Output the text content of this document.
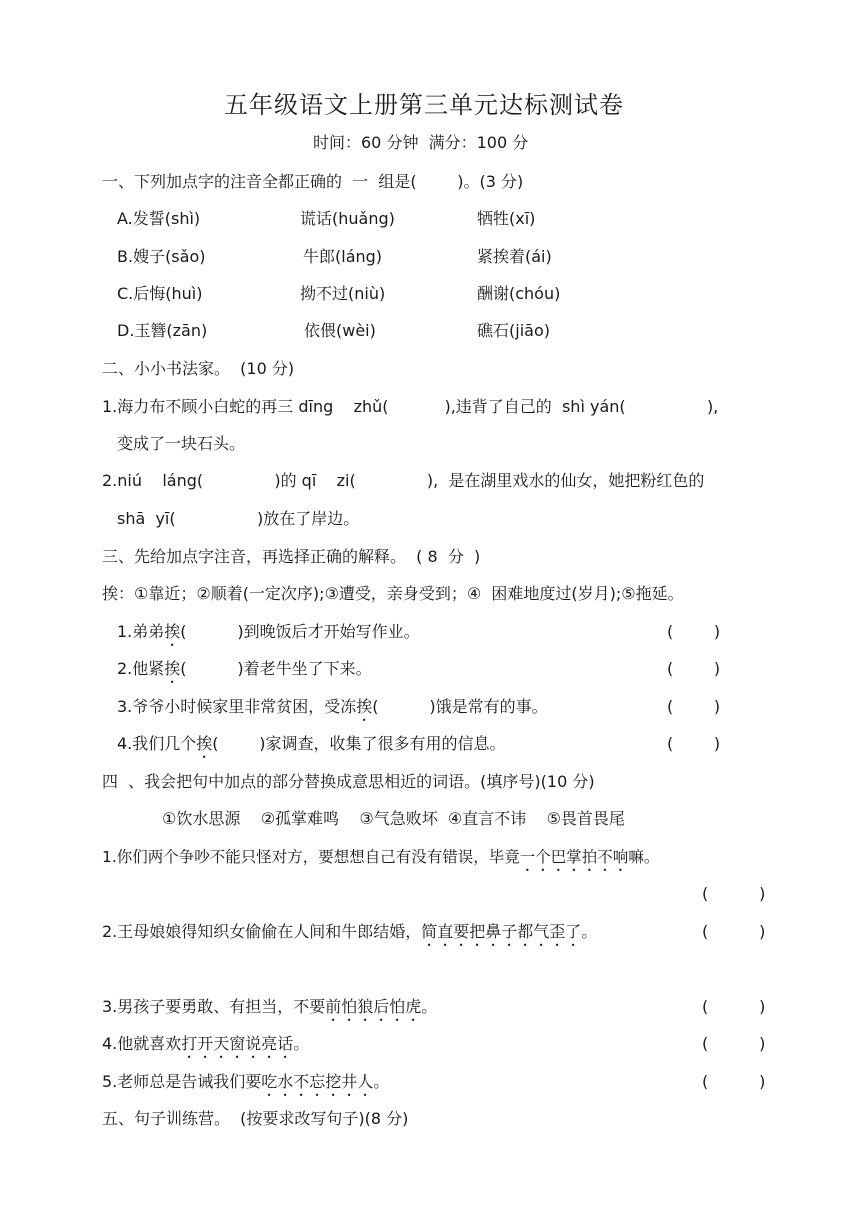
五年级语文上册第三单元达标测试卷
时间：60 分钟  满分：100 分
一、下列加点字的注音全都正确的  一  组是(        )。(3 分)
A.发誓(shì)	谎话(huǎng)	牺牲(xī)
B.嫂子(sǎo)	牛郎(láng)	紧挨着(ái)
C.后悔(huì)	拗不过(niù)	酬谢(chóu)
D.玉簪(zān)	依偎(wèi)	礁石(jiāo)
二、小小书法家。  (10 分)
1.海力布不顾小白蛇的再三 dīng    zhǔ(           ),违背了自己的  shì yán(                ),
变成了一块石头。
2.niú    láng(              )的 qī    zi(              ),  是在湖里戏水的仙女，她把粉红色的
shā  yī(                )放在了岸边。
三、先给加点字注音，再选择正确的解释。  ( 8  分  )
挨：①靠近；②顺着(一定次序);③遭受，亲身受到；④  困难地度过(岁月);⑤拖延。
1.弟弟挨(          )到晚饭后才开始写作业。	(        )
2.他紧挨(          )着老牛坐了下来。	(        )
3.爷爷小时候家里非常贫困，受冻挨(          )饿是常有的事。	(        )
4.我们几个挨(        )家调查，收集了很多有用的信息。	(        )
四  、我会把句中加点的部分替换成意思相近的词语。(填序号)(10 分)
①饮水思源    ②孤掌难鸣    ③气急败坏  ④直言不讳    ⑤畏首畏尾
1.你们两个争吵不能只怪对方，要想想自己有没有错误，毕竟一个巴掌拍不响嘛。
(          )
2.王母娘娘得知织女偷偷在人间和牛郎结婚，简直要把鼻子都气歪了。	(          )
3.男孩子要勇敢、有担当，不要前怕狼后怕虎。	(          )
4.他就喜欢打开天窗说亮话。	(          )
5.老师总是告诫我们要吃水不忘挖井人。	(          )
五、句子训练营。  (按要求改写句子)(8 分)
